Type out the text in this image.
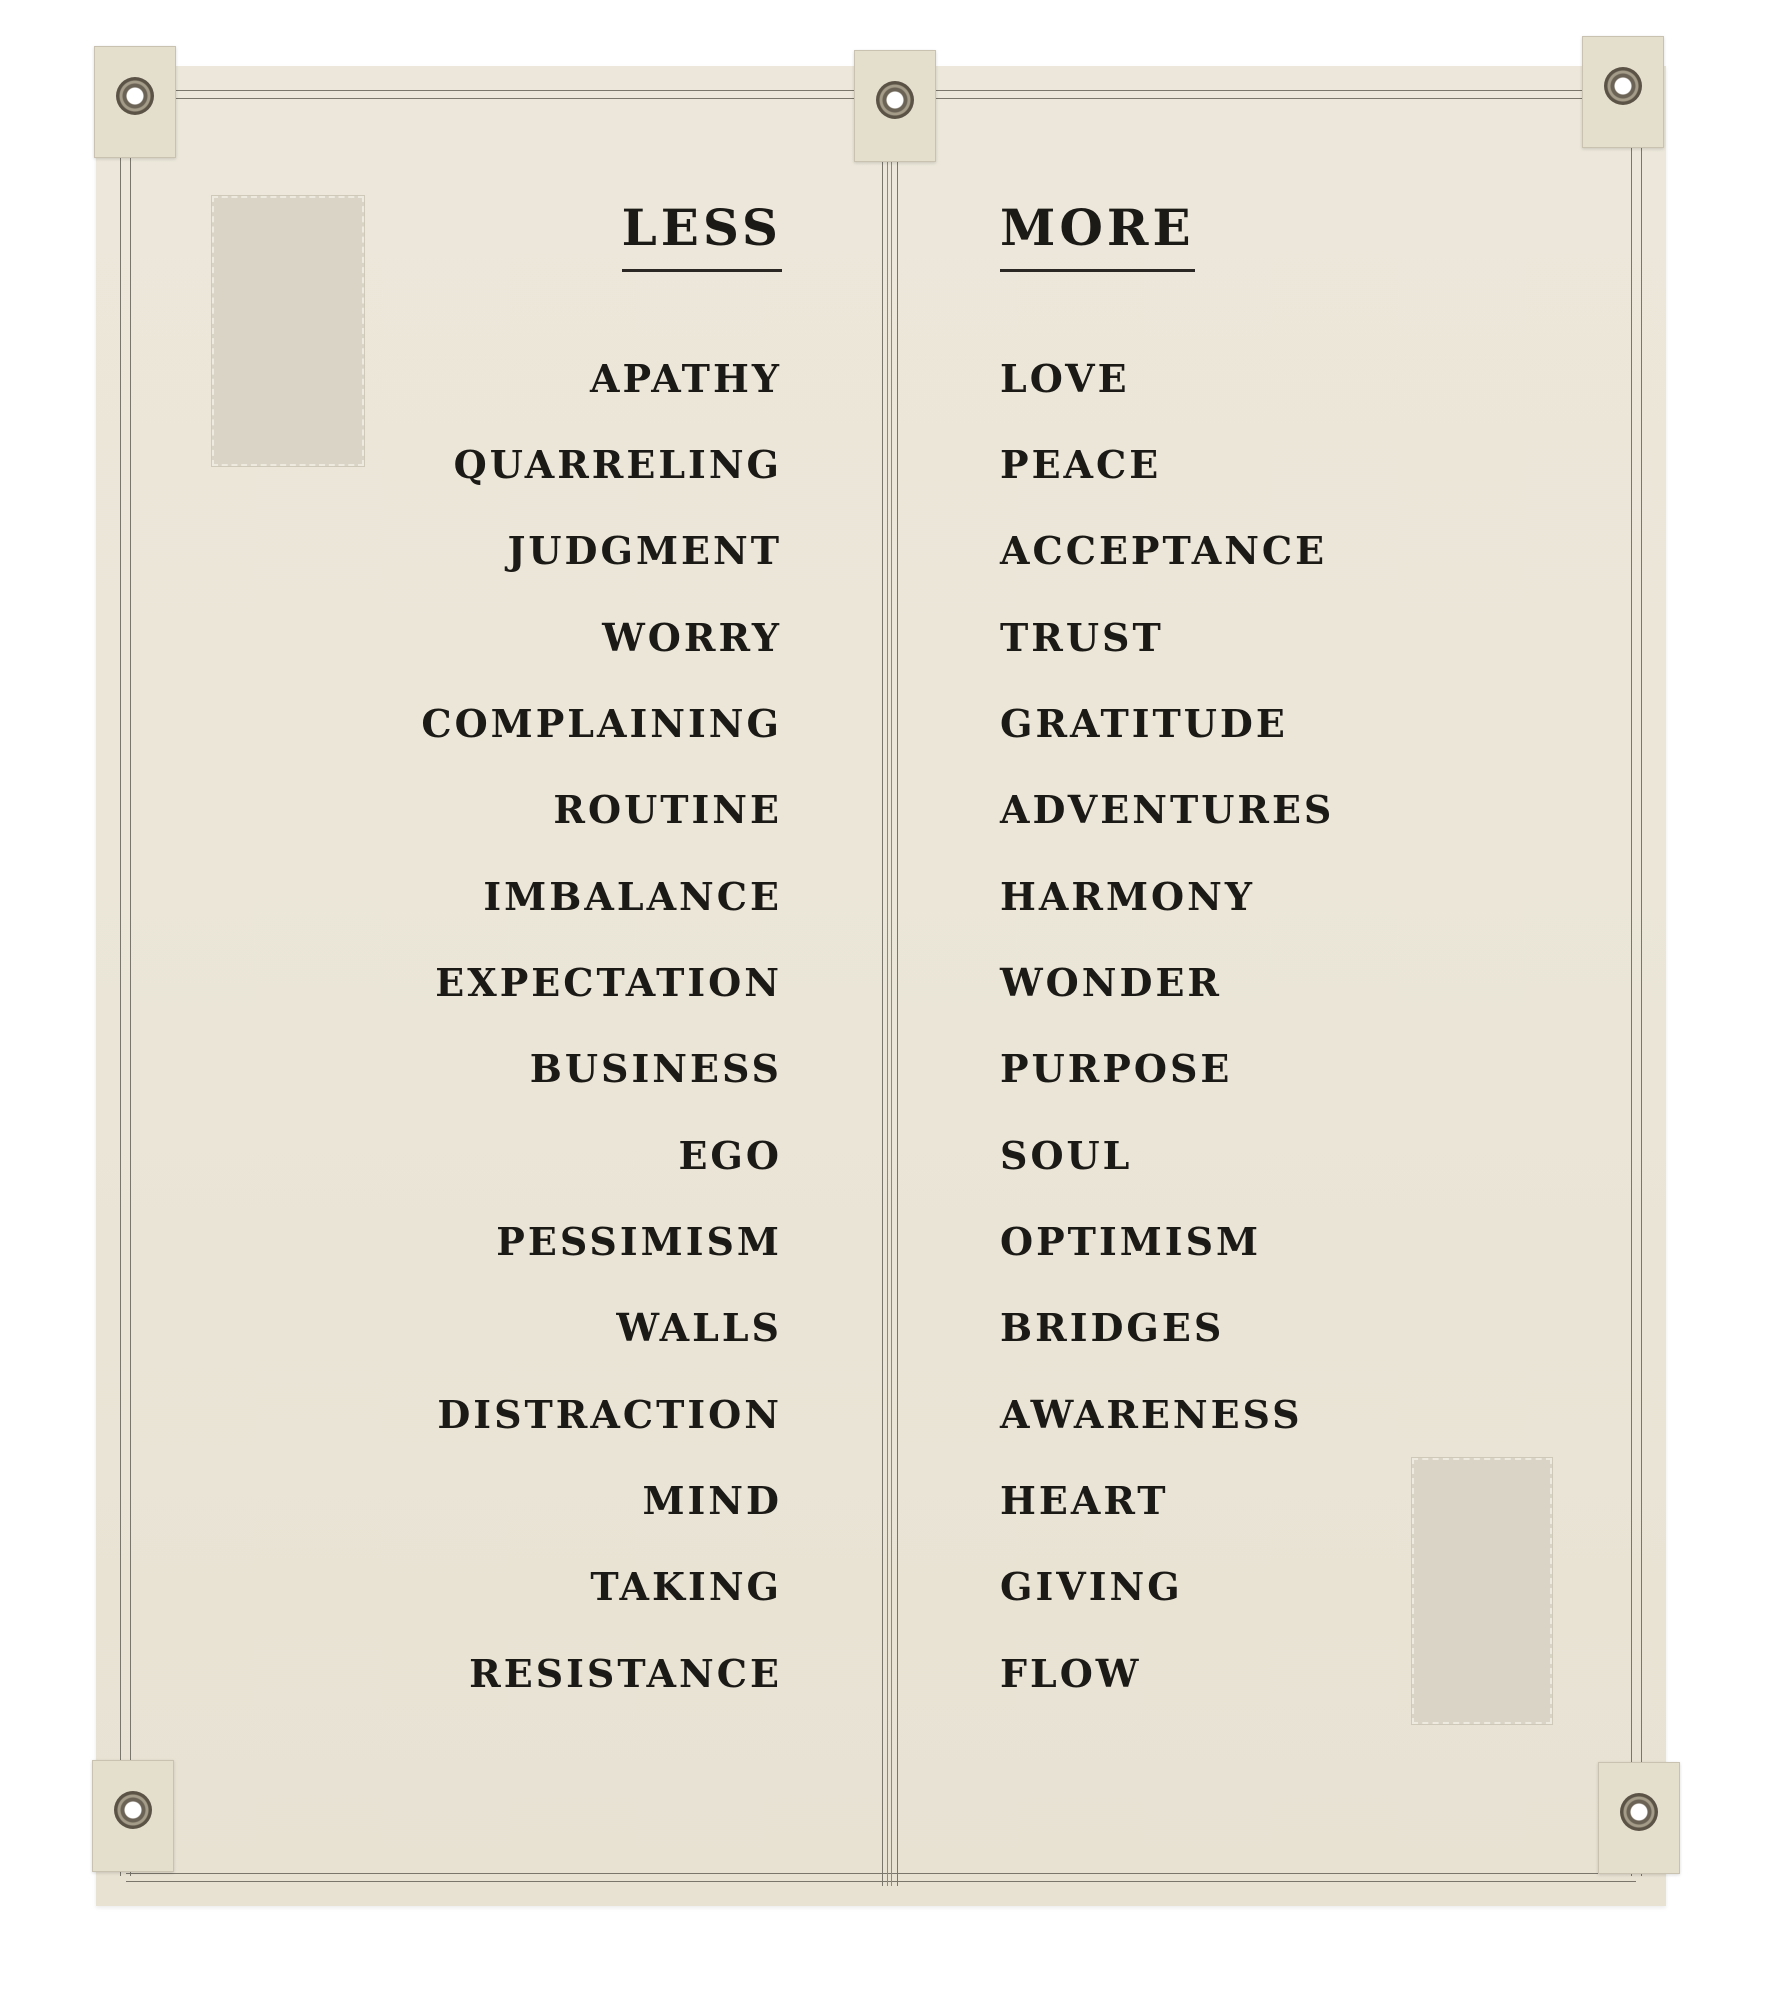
LESS	MORE
APATHY
QUARRELING
JUDGMENT
WORRY
COMPLAINING
ROUTINE
IMBALANCE
EXPECTATION
BUSINESS
EGO
PESSIMISM
WALLS
DISTRACTION
MIND
TAKING
RESISTANCE
LOVE
PEACE
ACCEPTANCE
TRUST
GRATITUDE
ADVENTURES
HARMONY
WONDER
PURPOSE
SOUL
OPTIMISM
BRIDGES
AWARENESS
HEART
GIVING
FLOW
